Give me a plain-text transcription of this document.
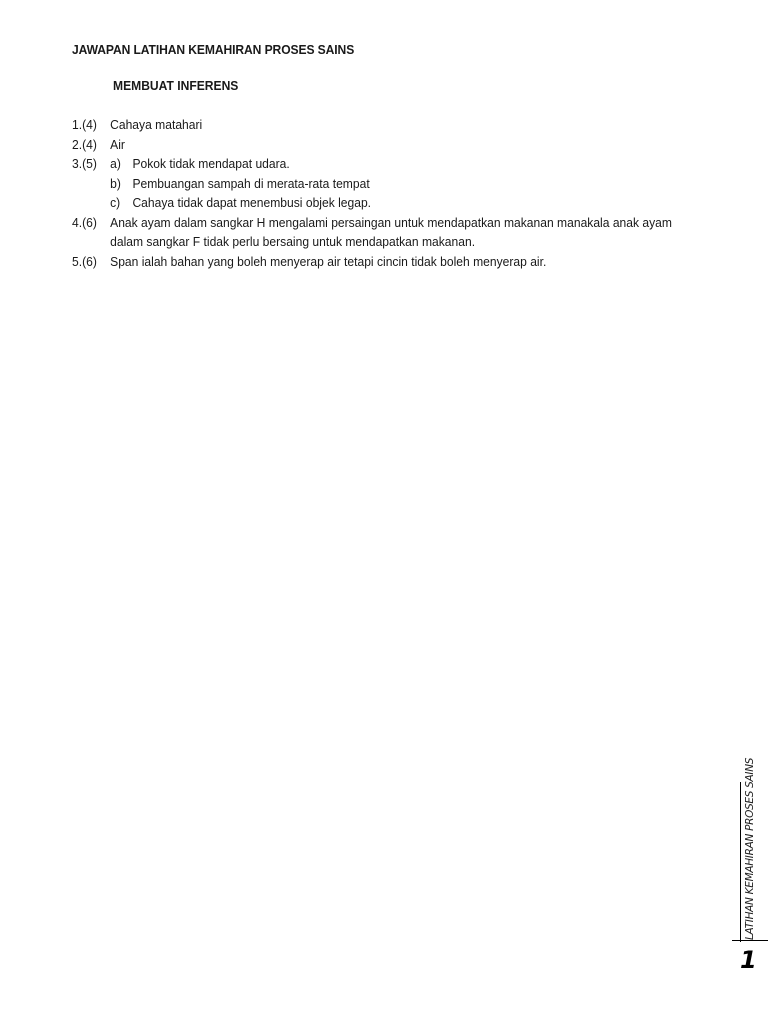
JAWAPAN LATIHAN KEMAHIRAN PROSES SAINS
MEMBUAT INFERENS
1.(4)	Cahaya matahari
2.(4)	Air
3.(5)	a) Pokok tidak mendapat udara.
b) Pembuangan sampah di merata-rata tempat
c) Cahaya tidak dapat menembusi objek legap.
4.(6)	Anak ayam dalam sangkar H mengalami persaingan untuk mendapatkan makanan manakala anak ayam
dalam sangkar F tidak perlu bersaing untuk mendapatkan makanan.
5.(6)	Span ialah bahan yang boleh menyerap air tetapi cincin tidak boleh menyerap air.
LATIHAN KEMAHIRAN PROSES SAINS
1
